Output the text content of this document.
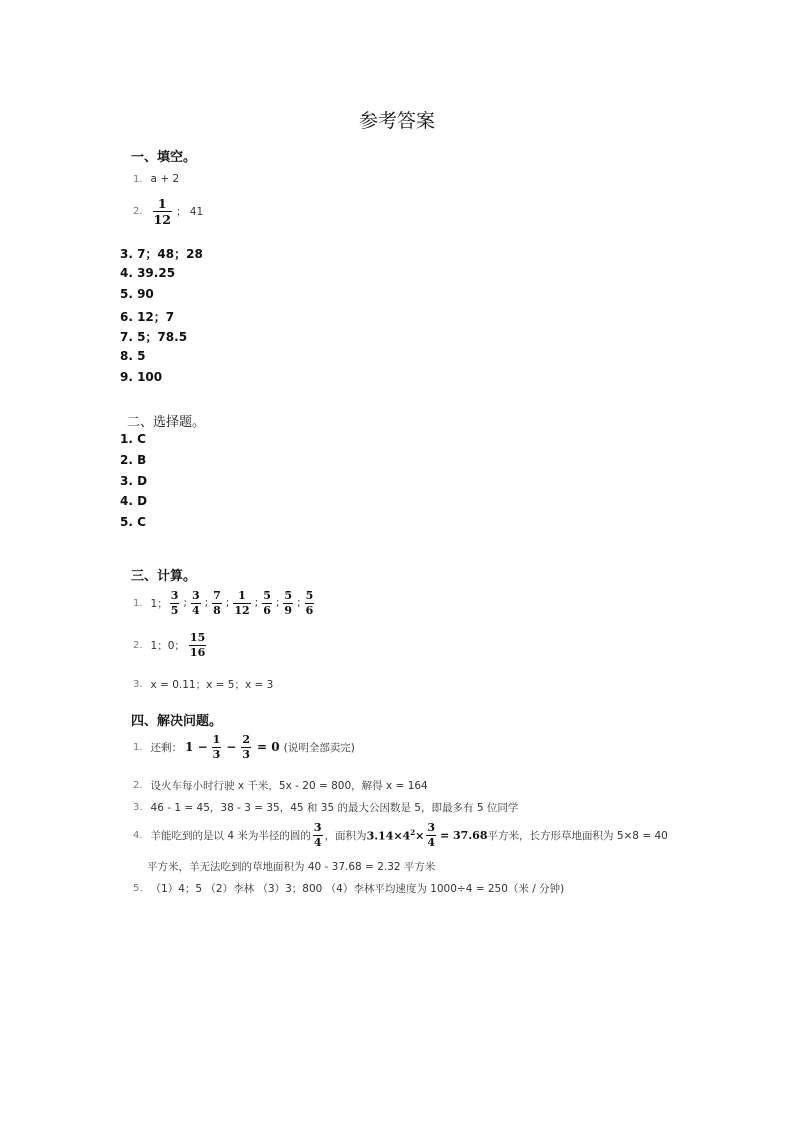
参考答案
一、填空。
1. a + 2
2. $\frac{1}{12}$ ； 41
3. 7；48；28
4. 39.25
5. 90
6. 12；7
7. 5；78.5
8. 5
9. 100
二、选择题。
1. C
2. B
3. D
4. D
5. C
三、计算。
1. 1； $\frac{3}{5}$ ; $\frac{3}{4}$ ; $\frac{7}{8}$ ; $\frac{1}{12}$ ; $\frac{5}{6}$ ; $\frac{5}{9}$ ; $\frac{5}{6}$
2. 1；0； $\frac{15}{16}$
3. x = 0.11；x = 5；x = 3
四、解决问题。
1. 还剩： $1 - \frac{1}{3} - \frac{2}{3} = 0$ (说明全部卖完)
2. 设火车每小时行驶 x 千米，5x - 20 = 800，解得 x = 164
3. 46 - 1 = 45，38 - 3 = 35，45 和 35 的最大公因数是 5，即最多有 5 位同学
4. 羊能吃到的是以 4 米为半径的圆的 $\frac{3}{4}$ ，面积为 $3.14\times 4^2\times \frac{3}{4} = 37.68$ 平方米，长方形草地面积为 5×8 = 40
平方米，羊无法吃到的草地面积为 40 - 37.68 = 2.32 平方米
5. （1）4；5 （2）李林 （3）3；800 （4）李林平均速度为 1000÷4 = 250（米 / 分钟)
